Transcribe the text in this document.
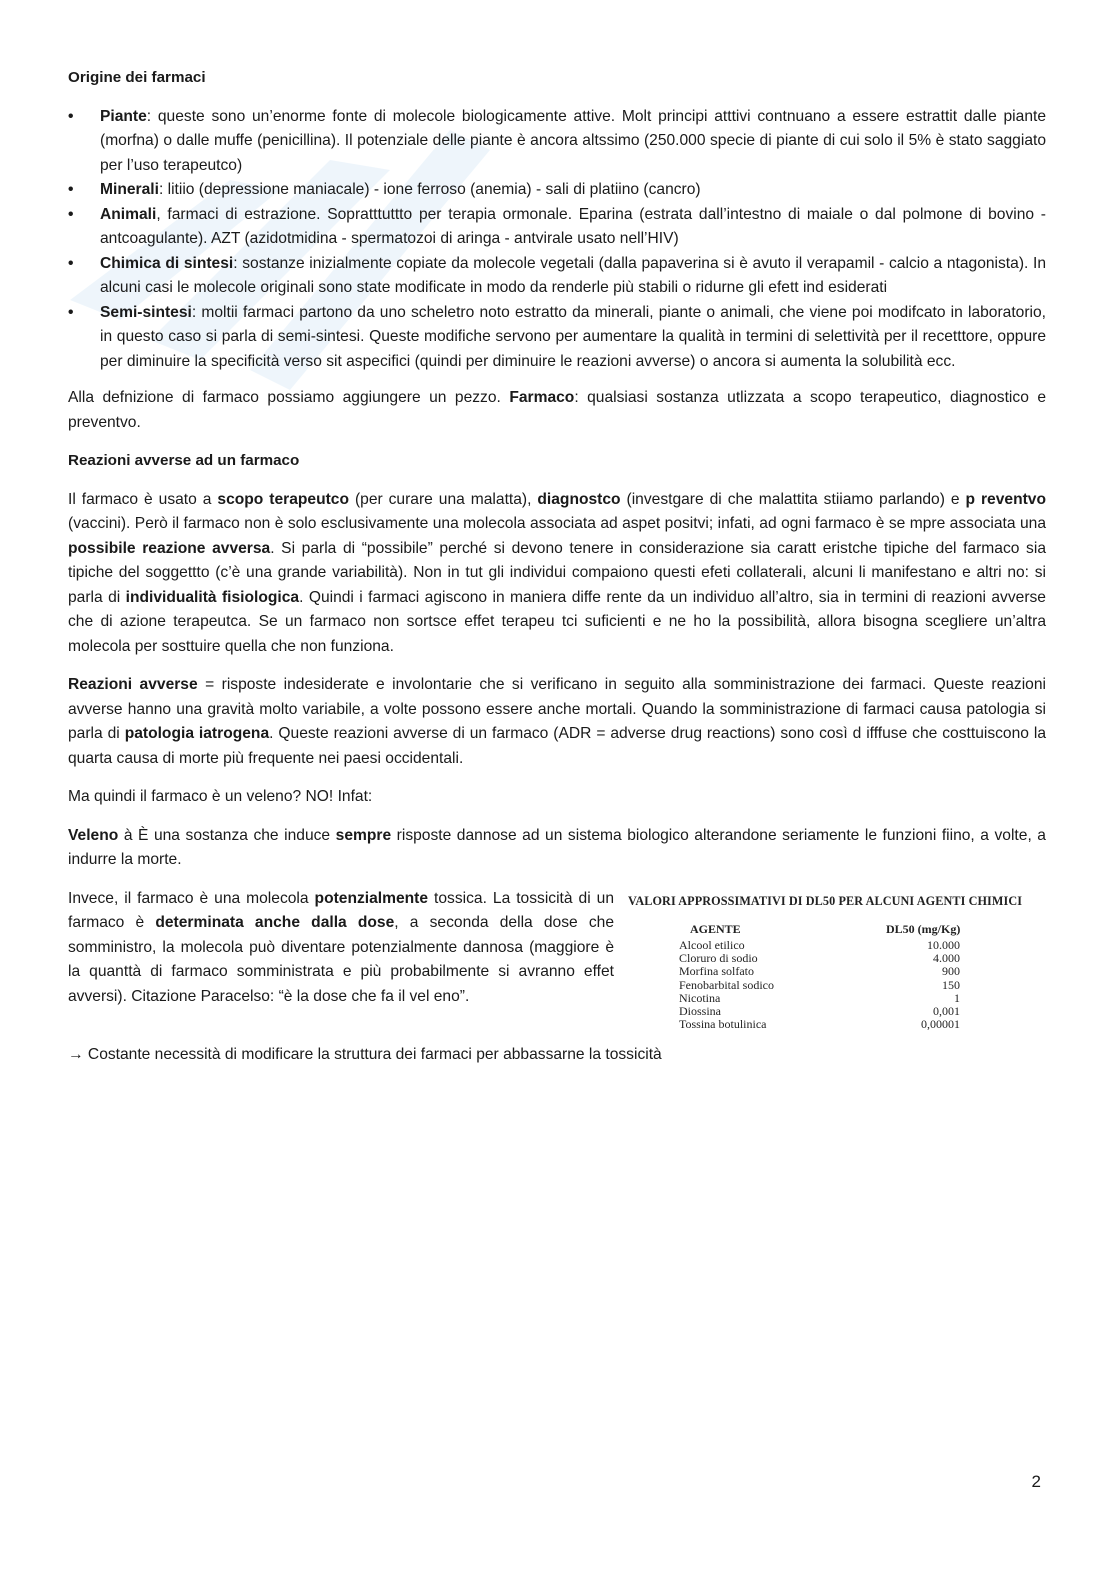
Origine dei farmaci
• Piante: queste sono un’enorme fonte di molecole biologicamente attive. Molt principi atttivi contnuano a essere estrattit dalle piante (morfna) o dalle muffe (penicillina). Il potenziale delle piante è ancora altssimo (250.000 specie di piante di cui solo il 5% è stato saggiato per l’uso terapeutco)
• Minerali: litiio (depressione maniacale) - ione ferroso (anemia) - sali di platiino (cancro)
• Animali, farmaci di estrazione. Sopratttuttto per terapia ormonale. Eparina (estrata dall’intestno di maiale o dal polmone di bovino - antcoagulante). AZT (azidotmidina - spermatozoi di aringa - antvirale usato nell’HIV)
• Chimica di sintesi: sostanze inizialmente copiate da molecole vegetali (dalla papaverina si è avuto il verapamil - calcio a ntagonista). In alcuni casi le molecole originali sono state modificate in modo da renderle più stabili o ridurne gli efett ind esiderati
• Semi-sintesi: moltii farmaci partono da uno scheletro noto estratto da minerali, piante o animali, che viene poi modifcato in laboratorio, in questo caso si parla di semi-sintesi. Queste modifiche servono per aumentare la qualità in termini di selettività per il recetttore, oppure per diminuire la specificità verso sit aspecifici (quindi per diminuire le reazioni avverse) o ancora si aumenta la solubilità ecc.

Alla defnizione di farmaco possiamo aggiungere un pezzo. Farmaco: qualsiasi sostanza utlizzata a scopo terapeutico, diagnostico e preventvo.

Reazioni avverse ad un farmaco

Il farmaco è usato a scopo terapeutco (per curare una malatta), diagnostco (investgare di che malattita stiiamo parlando) e p reventvo (vaccini). Però il farmaco non è solo esclusivamente una molecola associata ad aspet positvi; infati, ad ogni farmaco è se mpre associata una possibile reazione avversa. Si parla di “possibile” perché si devono tenere in considerazione sia caratt eristche tipiche del farmaco sia tipiche del soggettto (c’è una grande variabilità). Non in tut gli individui compaiono questi efeti collaterali, alcuni li manifestano e altri no: si parla di individualità fisiologica. Quindi i farmaci agiscono in maniera diffe rente da un individuo all’altro, sia in termini di reazioni avverse che di azione terapeutca. Se un farmaco non sortsce effet terapeu tci suficienti e ne ho la possibilità, allora bisogna scegliere un’altra molecola per sosttuire quella che non funziona.

Reazioni avverse = risposte indesiderate e involontarie che si verificano in seguito alla somministrazione dei farmaci. Queste reazioni avverse hanno una gravità molto variabile, a volte possono essere anche mortali. Quando la somministrazione di farmaci causa patologia si parla di patologia iatrogena. Queste reazioni avverse di un farmaco (ADR = adverse drug reactions) sono così d ifffuse che costtuiscono la quarta causa di morte più frequente nei paesi occidentali.

Ma quindi il farmaco è un veleno? NO! Infat:

Veleno à È una sostanza che induce sempre risposte dannose ad un sistema biologico alterandone seriamente le funzioni fiino, a volte, a indurre la morte.

Invece, il farmaco è una molecola potenzialmente tossica. La tossicità di un farmaco è determinata anche dalla dose, a seconda della dose che somministro, la molecola può diventare potenzialmente dannosa (maggiore è la quanttà di farmaco somministrata e più probabilmente si avranno effet avversi). Citazione Paracelso: “è la dose che fa il vel eno”.
VALORI APPROSSIMATIVI DI DL50 PER ALCUNI AGENTI CHIMICI
AGENTE	DL50 (mg/Kg)
Alcool etilico	10.000
Cloruro di sodio	4.000
Morfina solfato	900
Fenobarbital sodico	150
Nicotina	1
Diossina	0,001
Tossina botulinica	0,00001

→ Costante necessità di modificare la struttura dei farmaci per abbassarne la tossicità

2
